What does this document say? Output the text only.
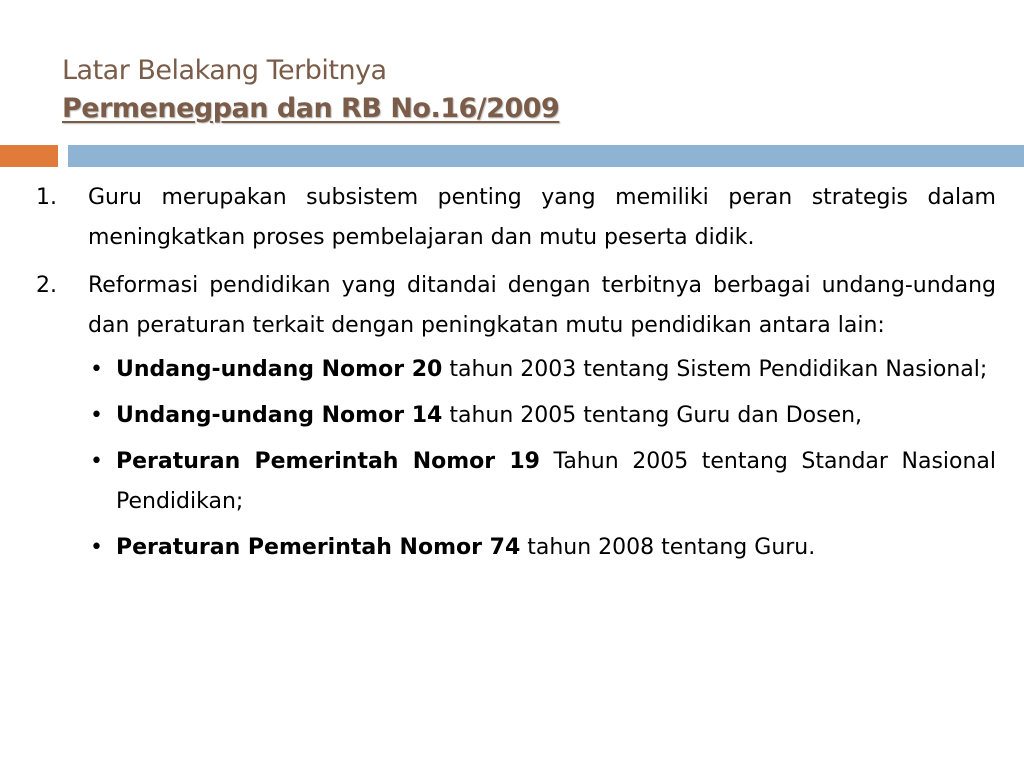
Latar Belakang Terbitnya
Permenegpan dan RB No.16/2009
1.	Guru merupakan subsistem penting yang memiliki peran strategis dalam meningkatkan proses pembelajaran dan mutu peserta didik.
2.	Reformasi pendidikan yang ditandai dengan terbitnya berbagai undang-undang dan peraturan terkait dengan peningkatan mutu pendidikan antara lain:
• Undang-undang Nomor 20 tahun 2003 tentang Sistem Pendidikan Nasional;
• Undang-undang Nomor 14 tahun 2005 tentang Guru dan Dosen,
• Peraturan Pemerintah Nomor 19 Tahun 2005 tentang Standar Nasional Pendidikan;
• Peraturan Pemerintah Nomor 74 tahun 2008 tentang Guru.
